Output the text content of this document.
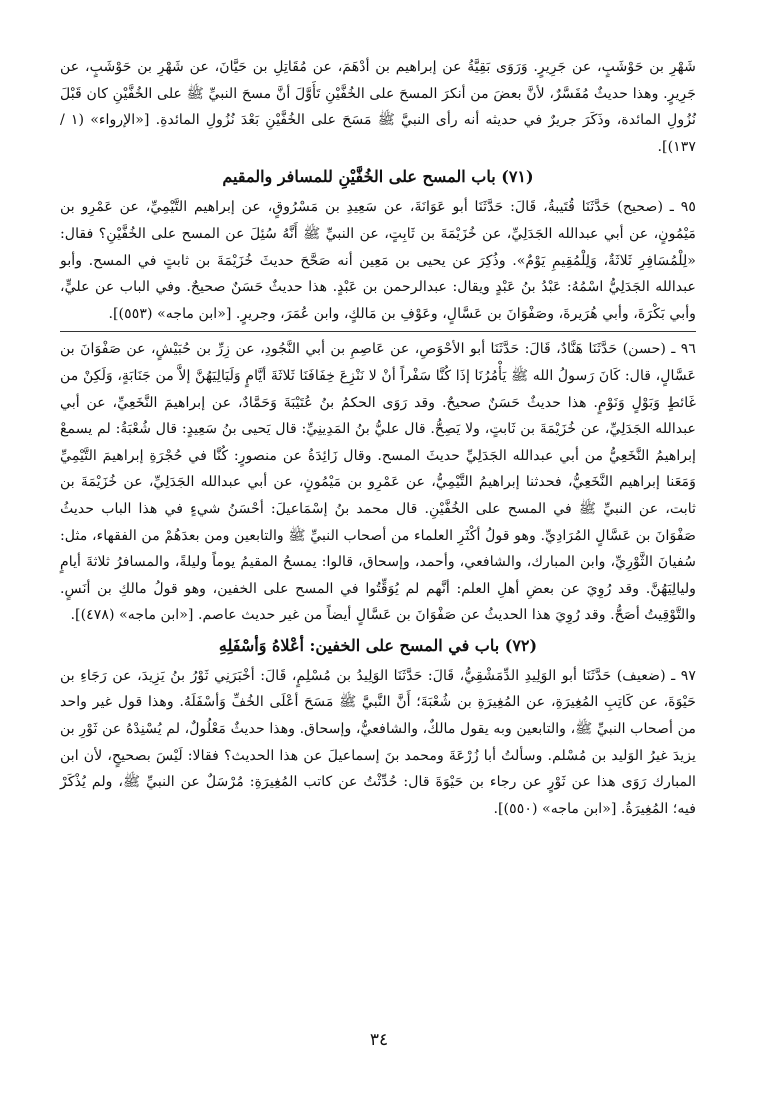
شَهْرِ بن حَوْشَبٍ، عن جَرِيرٍ. وَرَوَى بَقِيَّةُ عن إبراهيم بن أدْهَمَ، عن مُقَاتِلِ بن حَيَّانَ، عن شَهْرِ بن حَوْشَبٍ، عن جَرِيرٍ. وهذا حديثٌ مُفَسَّرٌ، لأنَّ بعضَ من أنكرَ المسحَ على الخُفَّيْنِ تَأَوَّلَ أنَّ مسحَ النبيِّ ﷺ على الخُفَّيْنِ كان قَبْلَ نُزُولِ المائدة، وذَكَرَ جريرٌ في حديثه أنه رأى النبيَّ ﷺ مَسَحَ على الخُفَّيْنِ بَعْدَ نُزُولِ المائدةِ. [«الإرواء» (١ / ١٣٧)].

(٧١) باب المسح على الخُفَّيْنِ للمسافر والمقيم

٩٥ ـ (صحيح) حَدَّثَنَا قُتَيبةُ، قَالَ: حَدَّثَنَا أبو عَوَانَةَ، عن سَعِيدِ بن مَسْرُوقٍ، عن إبراهيم التَّيْمِيِّ، عن عَمْرِو بن مَيْمُونٍ، عن أبي عبدالله الجَدَلِيِّ، عن خُزَيْمَةَ بن ثَابِتٍ، عن النبيِّ ﷺ أَنَّهُ سُئِلَ عن المسح على الخُفَّيْنِ؟ فقال: «لِلْمُسَافِرِ ثَلاثَةٌ، وَلِلْمُقِيمِ يَوْمٌ». وذُكِرَ عن يحيى بن مَعِين أنه صَحَّحَ حديثَ خُزَيْمَةَ بن ثابتٍ في المسح. وأبو عبدالله الجَدَلِيُّ اسْمُهُ: عَبْدُ بنُ عَبْدٍ ويقال: عبدالرحمن بن عَبْدٍ. هذا حديثٌ حَسَنٌ صحيحٌ. وفي الباب عن عليٍّ، وأبي بَكْرَةَ، وأبي هُرَيرةَ، وصَفْوَانَ بن عَسَّالٍ، وعَوْفِ بن مَالكٍ، وابن عُمَرَ، وجريرٍ. [«ابن ماجه» (٥٥٣)].

٩٦ ـ (حسن) حَدَّثَنَا هَنَّادٌ، قَالَ: حَدَّثَنَا أبو الأحْوَصِ، عن عَاصِمِ بن أبي النَّجُودِ، عن زِرِّ بن حُبَيْشٍ، عن صَفْوَانَ بن عَسَّالٍ، قال: كَانَ رَسولُ الله ﷺ يَأْمُرُنَا إذَا كُنَّا سَفْراً أنْ لا نَنْزِعَ خِفَافَنَا ثَلاثَةَ أيَّامٍ وَلَيَالِيَهُنَّ إلاَّ من جَنَابَةٍ، وَلَكِنْ من غَائطٍ وَبَوْلٍ وَنَوْمٍ. هذا حديثٌ حَسَنٌ صحيحٌ. وقد رَوَى الحكمُ بنُ عُتَيْبَةَ وَحَمَّادٌ، عن إبراهيمَ النَّخَعِيِّ، عن أبي عبدالله الجَدَلِيِّ، عن خُزَيْمَةَ بن ثَابتٍ، ولا يَصِحُّ. قال عليُّ بنُ المَدِينِيِّ: قال يَحيى بنُ سَعِيدٍ: قال شُعْبَةُ: لم يسمعْ إبراهيمُ النَّخَعِيُّ من أبي عبدالله الجَدَلِيِّ حديثَ المسح. وقال زَائِدَةُ عن منصورٍ: كُنَّا في حُجْرَةِ إبراهيمَ التَّيْمِيِّ وَمَعَنا إبراهيم النَّخَعِيُّ، فحدثنا إبراهيمُ التَّيْمِيُّ، عن عَمْرِو بن مَيْمُونٍ، عن أبي عبدالله الجَدَلِيِّ، عن خُزَيْمَةَ بن ثابت، عن النبيِّ ﷺ في المسح على الخُفَّيْنِ. قال محمد بنُ إسْمَاعيلَ: أحْسَنُ شيءٍ في هذا الباب حديثُ صَفْوَانَ بن عَسَّالٍ المُرَادِيِّ. وهو قولُ أكْثَرِ العلماء من أصحاب النبيِّ ﷺ والتابعين ومن بعدَهُمْ من الفقهاء، مثل: سُفيانَ الثَّوْرِيِّ، وابن المبارك، والشافعي، وأحمد، وإسحاق، قالوا: يمسحُ المقيمُ يوماً وليلةً، والمسافرُ ثلاثةَ أيامٍ وليالِيَهُنَّ. وقد رُوِيَ عن بعضِ أهلِ العلم: أنَّهم لم يُوَقِّتُوا في المسح على الخفين، وهو قولُ مالكِ بن أنَسٍ. والتَّوْقِيتُ أصَحُّ. وقد رُوِيَ هذا الحديثُ عن صَفْوَانَ بن عَسَّالٍ أيضاً من غير حديث عاصم. [«ابن ماجه» (٤٧٨)].

(٧٢) باب في المسح على الخفين: أعْلاهُ وَأسْفَلِهِ

٩٧ ـ (ضعيف) حَدَّثَنَا أبو الوَلِيدِ الدِّمَشْقِيُّ، قَالَ: حَدَّثَنَا الوَلِيدُ بن مُسْلِمٍ، قَالَ: أخْبَرَنِي ثَوْرُ بنُ يَزِيدَ، عن رَجَاءِ بن حَيْوَةَ، عن كَاتِبِ المُغِيرَةِ، عن المُغِيرَةِ بن شُعْبَةَ؛ أَنَّ النَّبيَّ ﷺ مَسَحَ أعْلَى الخُفِّ وَأسْفَلَهُ. وهذا قول غير واحد من أصحاب النبيِّ ﷺ، والتابعين وبه يقول مالكٌ، والشافعيُّ، وإسحاق. وهذا حديثٌ مَعْلُولٌ، لم يُسْنِدْهُ عن ثَوْرِ بن يزيدَ غيرُ الوَليد بن مُسْلم. وسألتُ أبا زُرْعَةَ ومحمد بنَ إسماعيلَ عن هذا الحديث؟ فقالا: لَيْسَ بصحيحٍ، لأن ابن المبارك رَوَى هذا عن ثَوْرٍ عن رجاء بن حَيْوَةَ قال: حُدِّثْتُ عن كاتب المُغِيرَةِ: مُرْسَلٌ عن النبيِّ ﷺ، ولم يُذْكَرْ فيه؛ المُغِيرَةُ. [«ابن ماجه» (٥٥٠)].

٣٤
